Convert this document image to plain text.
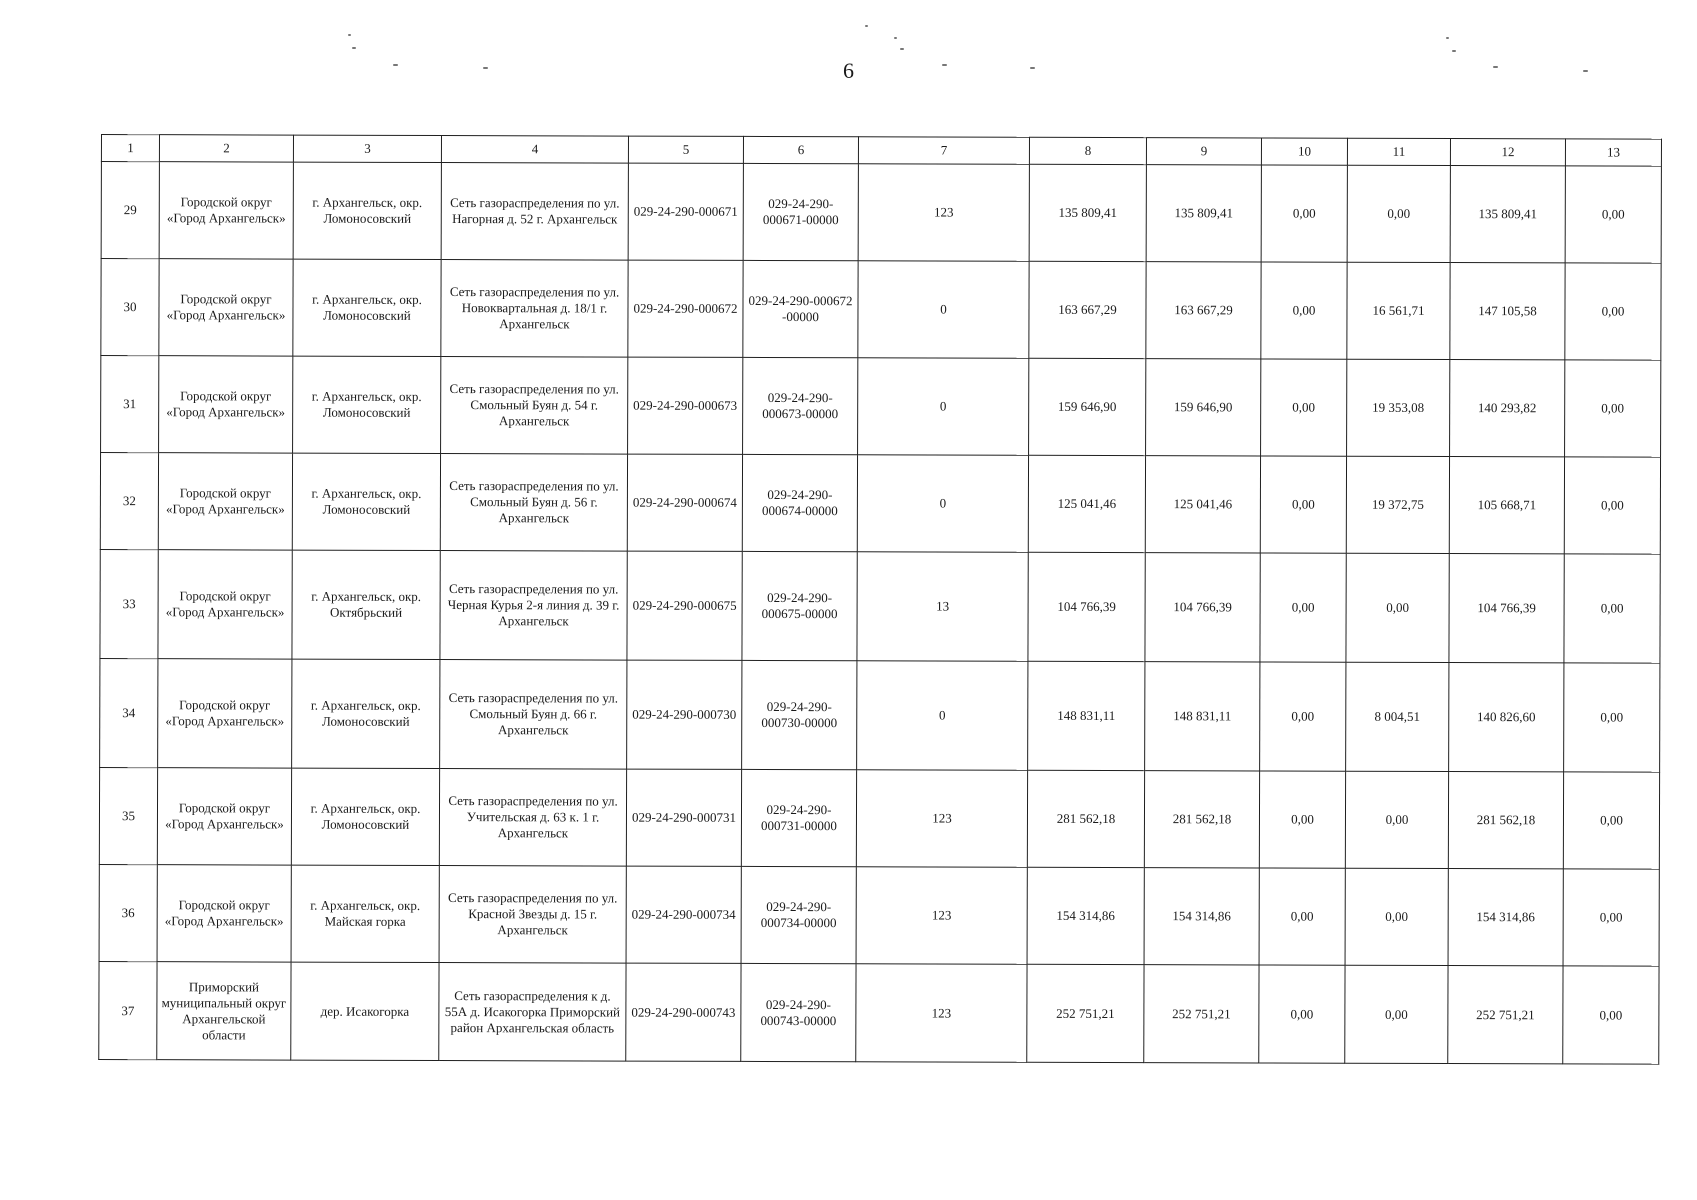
6
1	2	3	4	5	6	7	8	9	10	11	12	13
29	Городской округ «Город Архангельск»	г. Архангельск, окр. Ломоносовский	Сеть газораспределения по ул. Нагорная д. 52 г. Архангельск	029-24-290-000671	029-24-290-000671-00000	123	135 809,41	135 809,41	0,00	0,00	135 809,41	0,00
30	Городской округ «Город Архангельск»	г. Архангельск, окр. Ломоносовский	Сеть газораспределения по ул. Новоквартальная д. 18/1 г. Архангельск	029-24-290-000672	029-24-290-000672 -00000	0	163 667,29	163 667,29	0,00	16 561,71	147 105,58	0,00
31	Городской округ «Город Архангельск»	г. Архангельск, окр. Ломоносовский	Сеть газораспределения по ул. Смольный Буян д. 54 г. Архангельск	029-24-290-000673	029-24-290-000673-00000	0	159 646,90	159 646,90	0,00	19 353,08	140 293,82	0,00
32	Городской округ «Город Архангельск»	г. Архангельск, окр. Ломоносовский	Сеть газораспределения по ул. Смольный Буян д. 56 г. Архангельск	029-24-290-000674	029-24-290-000674-00000	0	125 041,46	125 041,46	0,00	19 372,75	105 668,71	0,00
33	Городской округ «Город Архангельск»	г. Архангельск, окр. Октябрьский	Сеть газораспределения по ул. Черная Курья 2-я линия д. 39 г. Архангельск	029-24-290-000675	029-24-290-000675-00000	13	104 766,39	104 766,39	0,00	0,00	104 766,39	0,00
34	Городской округ «Город Архангельск»	г. Архангельск, окр. Ломоносовский	Сеть газораспределения по ул. Смольный Буян д. 66 г. Архангельск	029-24-290-000730	029-24-290-000730-00000	0	148 831,11	148 831,11	0,00	8 004,51	140 826,60	0,00
35	Городской округ «Город Архангельск»	г. Архангельск, окр. Ломоносовский	Сеть газораспределения по ул. Учительская д. 63 к. 1 г. Архангельск	029-24-290-000731	029-24-290-000731-00000	123	281 562,18	281 562,18	0,00	0,00	281 562,18	0,00
36	Городской округ «Город Архангельск»	г. Архангельск, окр. Майская горка	Сеть газораспределения по ул. Красной Звезды д. 15 г. Архангельск	029-24-290-000734	029-24-290-000734-00000	123	154 314,86	154 314,86	0,00	0,00	154 314,86	0,00
37	Приморский муниципальный округ Архангельской области	дер. Исакогорка	Сеть газораспределения к д. 55А д. Исакогорка Приморский район Архангельская область	029-24-290-000743	029-24-290-000743-00000	123	252 751,21	252 751,21	0,00	0,00	252 751,21	0,00
